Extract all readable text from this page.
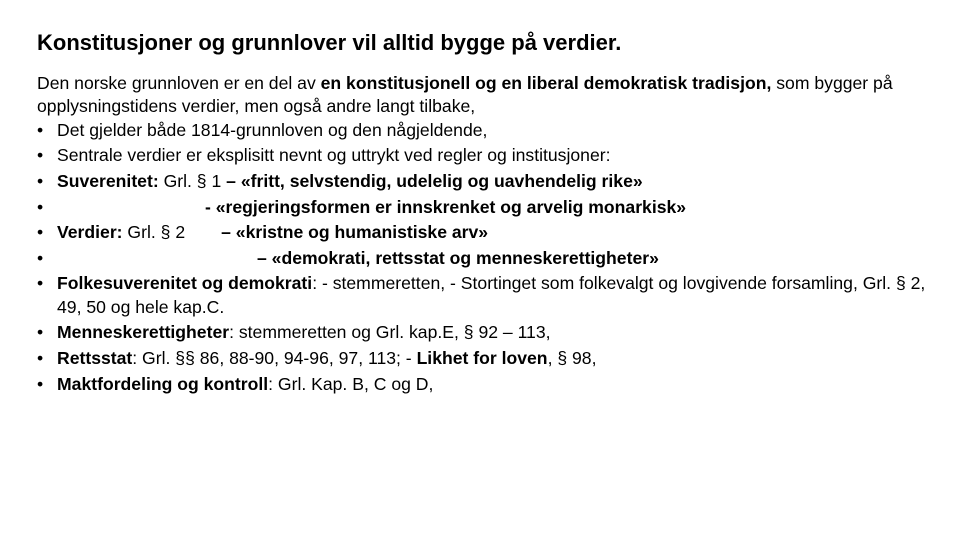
Konstitusjoner og grunnlover vil alltid bygge på verdier.

Den norske grunnloven er en del av en konstitusjonell og en liberal demokratisk tradisjon, som bygger på opplysningstidens verdier, men også andre langt tilbake,

• Det gjelder både 1814-grunnloven og den någjeldende,
• Sentrale verdier er eksplisitt nevnt og uttrykt ved regler og institusjoner:
• Suverenitet: Grl. § 1 – «fritt, selvstendig, udelelig og uavhendelig rike»
•	- «regjeringsformen er innskrenket og arvelig monarkisk»
• Verdier: Grl. § 2 – «kristne og humanistiske arv»
•	– «demokrati, rettsstat og menneskerettigheter»
• Folkesuverenitet og demokrati: - stemmeretten, - Stortinget som folkevalgt og lovgivende forsamling, Grl. § 2, 49, 50 og hele kap.C.
• Menneskerettigheter: stemmeretten og Grl. kap.E, § 92 – 113,
• Rettsstat: Grl. §§ 86, 88-90, 94-96, 97, 113; - Likhet for loven, § 98,
• Maktfordeling og kontroll: Grl. Kap. B, C og D,
